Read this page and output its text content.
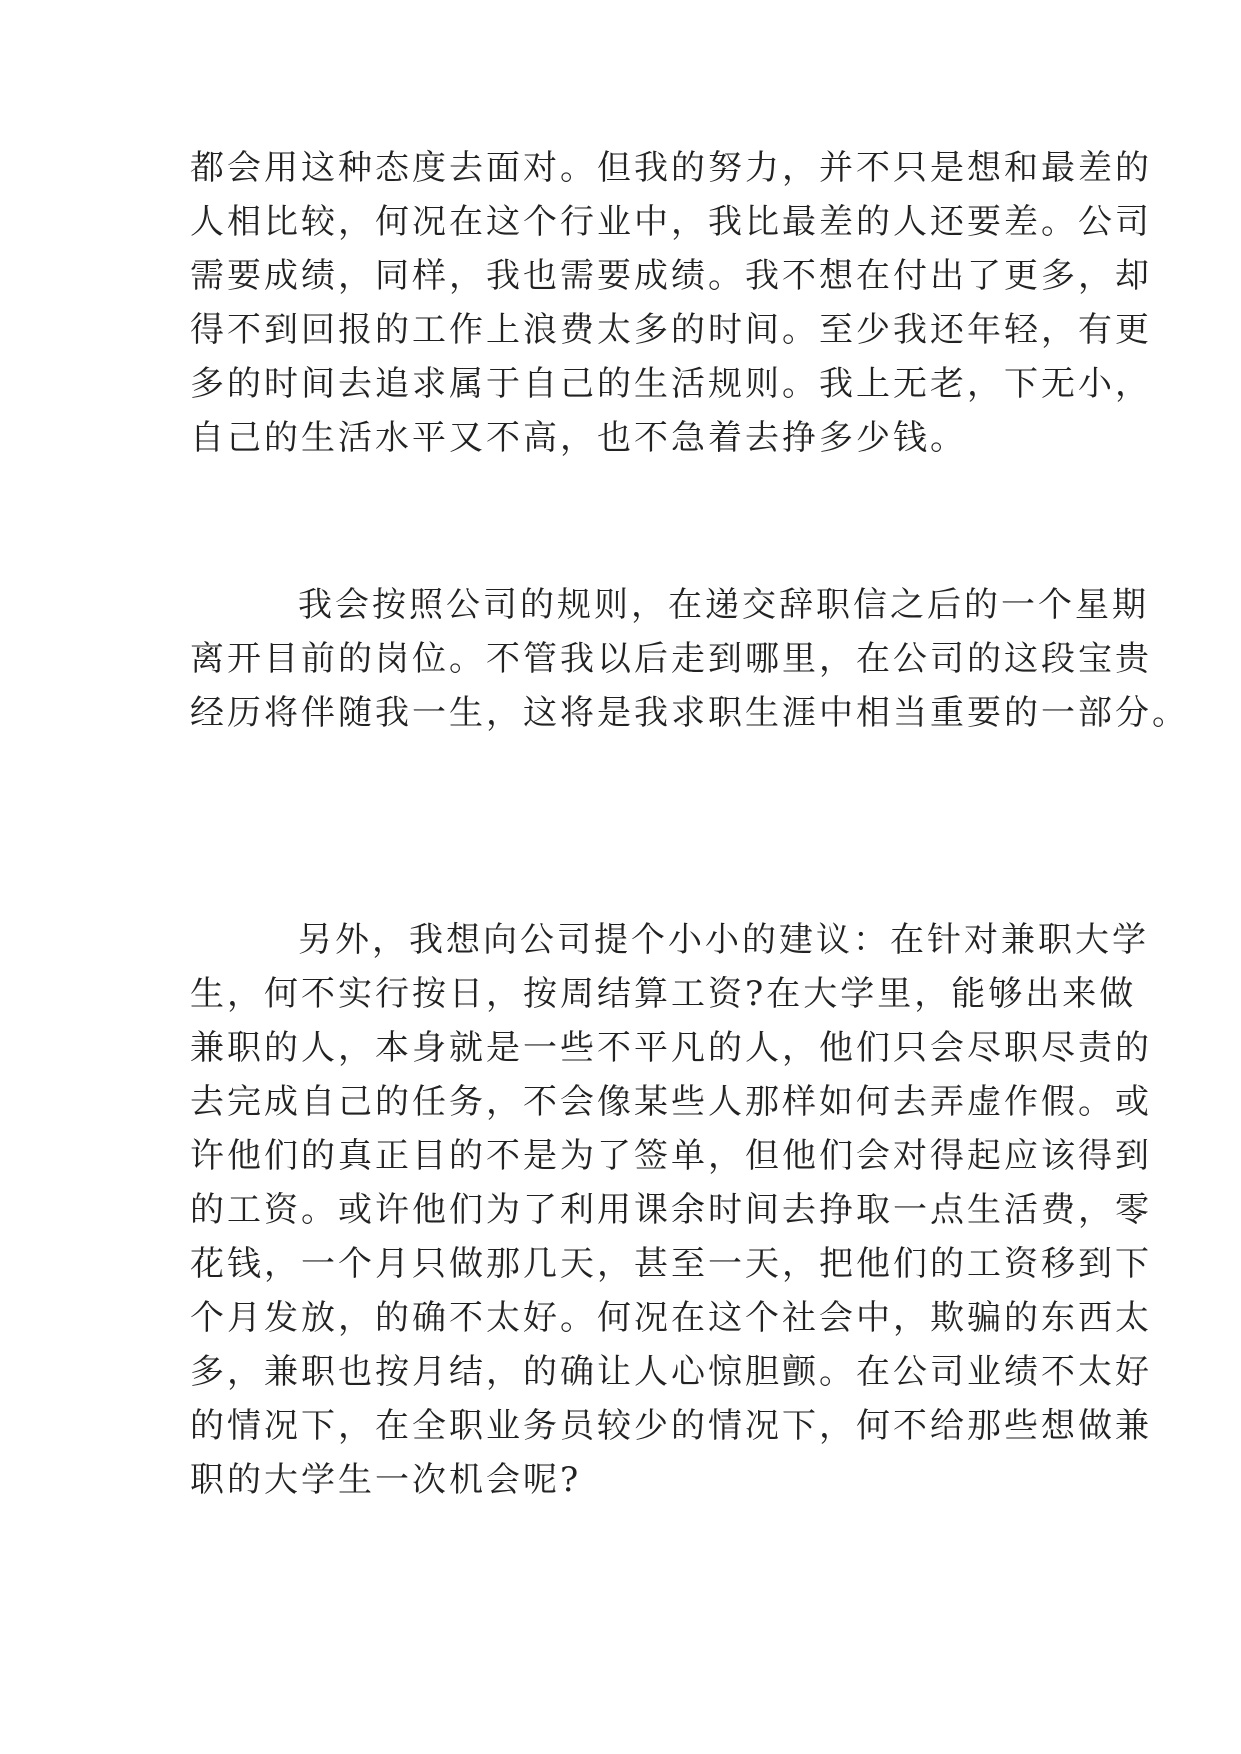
都会用这种态度去面对。但我的努力，并不只是想和最差的
人相比较，何况在这个行业中，我比最差的人还要差。公司
需要成绩，同样，我也需要成绩。我不想在付出了更多，却
得不到回报的工作上浪费太多的时间。至少我还年轻，有更
多的时间去追求属于自己的生活规则。我上无老，下无小，
自己的生活水平又不高，也不急着去挣多少钱。
我会按照公司的规则，在递交辞职信之后的一个星期
离开目前的岗位。不管我以后走到哪里，在公司的这段宝贵
经历将伴随我一生，这将是我求职生涯中相当重要的一部分。
另外，我想向公司提个小小的建议：在针对兼职大学
生，何不实行按日，按周结算工资?在大学里，能够出来做
兼职的人，本身就是一些不平凡的人，他们只会尽职尽责的
去完成自己的任务，不会像某些人那样如何去弄虚作假。或
许他们的真正目的不是为了签单，但他们会对得起应该得到
的工资。或许他们为了利用课余时间去挣取一点生活费，零
花钱，一个月只做那几天，甚至一天，把他们的工资移到下
个月发放，的确不太好。何况在这个社会中，欺骗的东西太
多，兼职也按月结，的确让人心惊胆颤。在公司业绩不太好
的情况下，在全职业务员较少的情况下，何不给那些想做兼
职的大学生一次机会呢?
